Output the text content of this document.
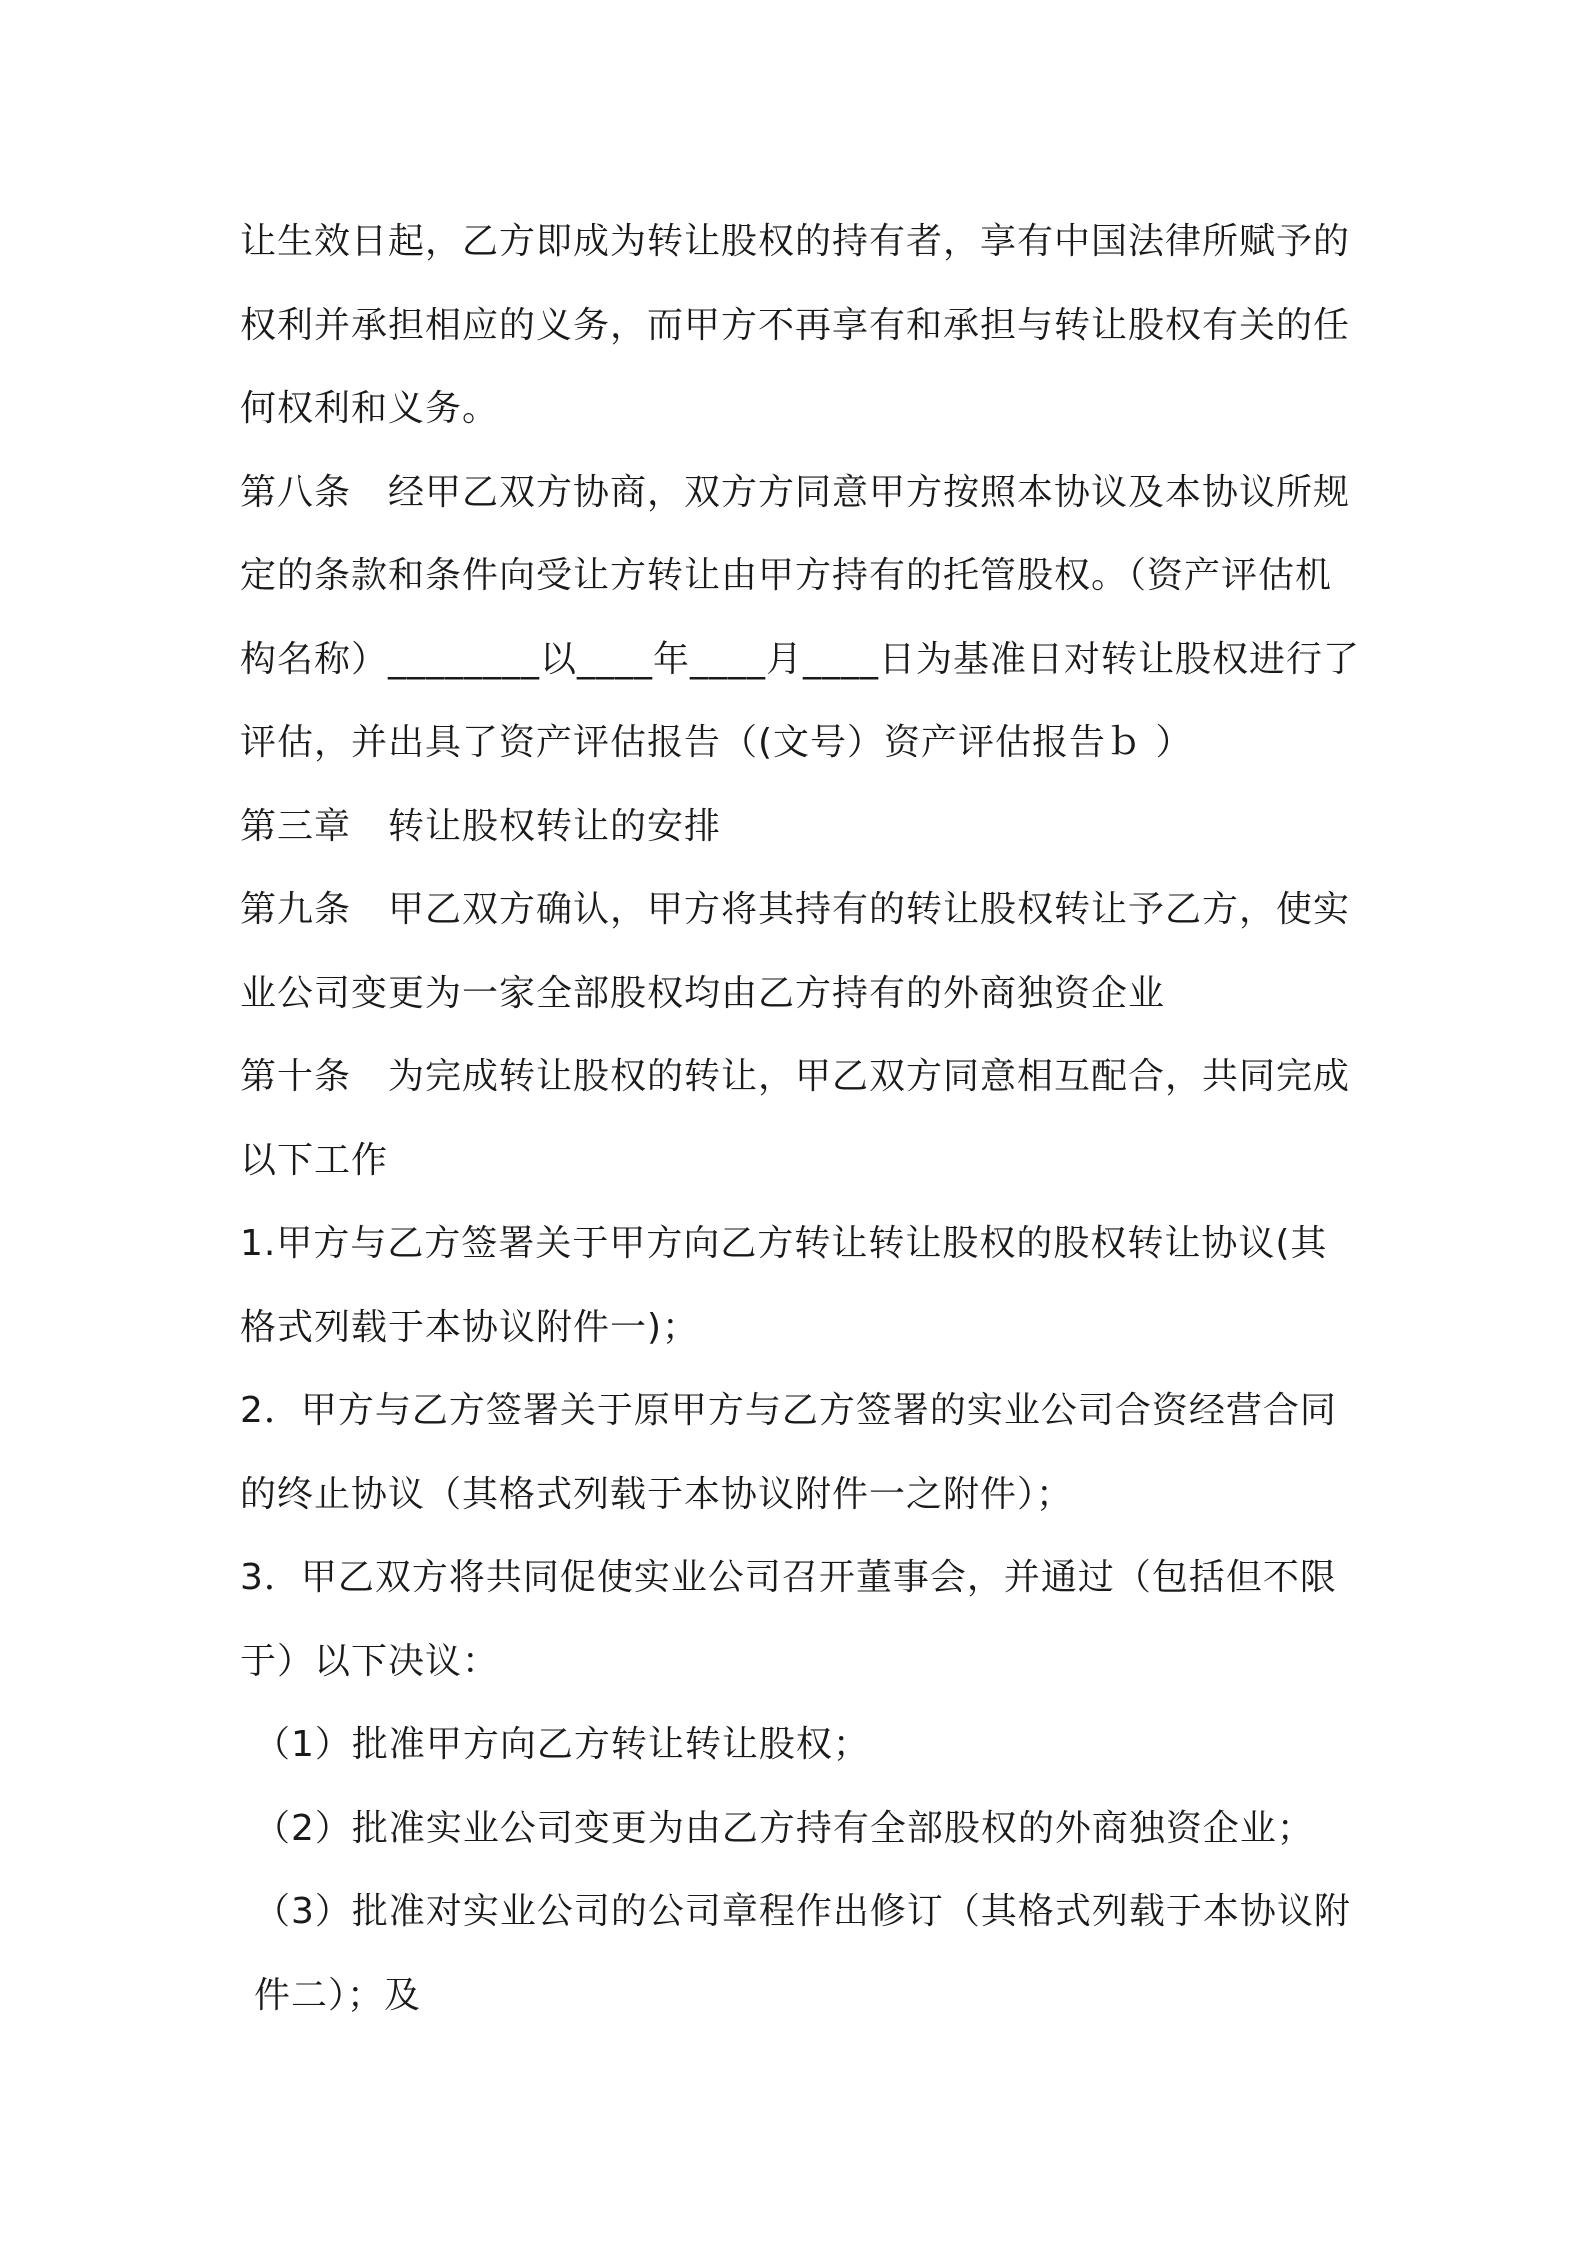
让生效日起，乙方即成为转让股权的持有者，享有中国法律所赋予的权利并承担相应的义务，而甲方不再享有和承担与转让股权有关的任何权利和义务。

第八条　经甲乙双方协商，双方方同意甲方按照本协议及本协议所规定的条款和条件向受让方转让由甲方持有的托管股权。（资产评估机构名称）________以____年____月____日为基准日对转让股权进行了评估，并出具了资产评估报告（(文号）资产评估报告ｂ ）

第三章　转让股权转让的安排

第九条　甲乙双方确认，甲方将其持有的转让股权转让予乙方，使实业公司变更为一家全部股权均由乙方持有的外商独资企业

第十条　为完成转让股权的转让，甲乙双方同意相互配合，共同完成以下工作

1.甲方与乙方签署关于甲方向乙方转让转让股权的股权转让协议(其格式列载于本协议附件一)；

2．甲方与乙方签署关于原甲方与乙方签署的实业公司合资经营合同的终止协议（其格式列载于本协议附件一之附件）；

3．甲乙双方将共同促使实业公司召开董事会，并通过（包括但不限于）以下决议：

（1）批准甲方向乙方转让转让股权；

（2）批准实业公司变更为由乙方持有全部股权的外商独资企业；

（3）批准对实业公司的公司章程作出修订（其格式列载于本协议附件二）；及
